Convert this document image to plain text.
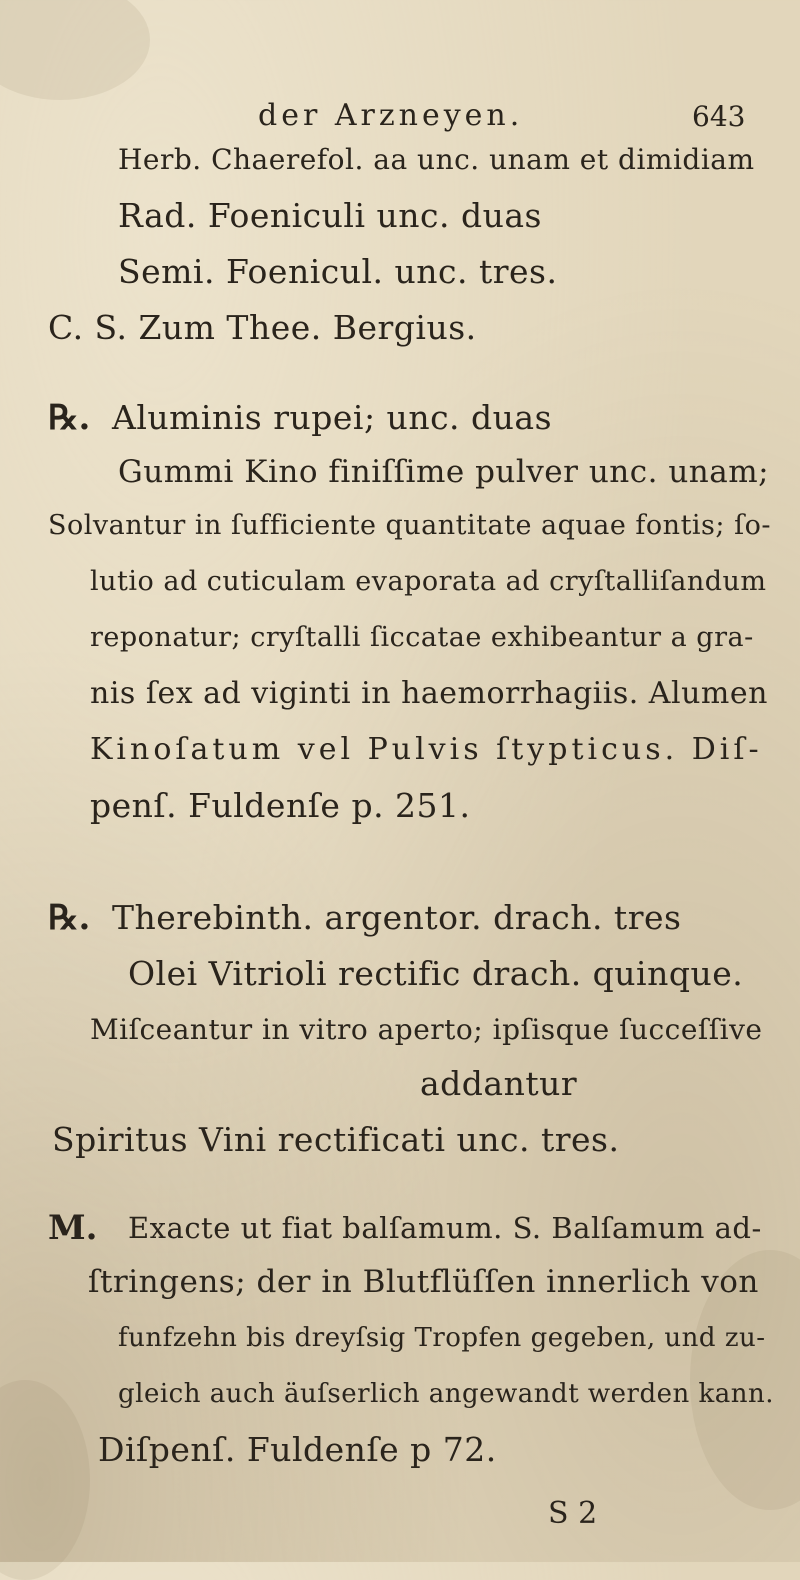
der Arzneyen.	643
Herb. Chaerefol. aa unc. unam et dimidiam
Rad. Foeniculi unc. duas
Semi. Foenicul. unc. tres.
C. S. Zum Thee. Bergius.
℞. Aluminis rupei; unc. duas
Gummi Kino finiſſime pulver unc. unam;
Solvantur in ſufficiente quantitate aquae fontis; ſo-
lutio ad cuticulam evaporata ad cryſtalliſandum
reponatur; cryſtalli ſiccatae exhibeantur a gra-
nis ſex ad viginti in haemorrhagiis. Alumen
Kinoſatum vel Pulvis ſtypticus. Diſ-
penſ. Fuldenſe p. 251.
℞. Therebinth. argentor. drach. tres
Olei Vitrioli rectific drach. quinque.
Miſceantur in vitro aperto; ipſisque ſucceſſive
addantur
Spiritus Vini rectificati unc. tres.
M. Exacte ut fiat balſamum. S. Balſamum ad-
ſtringens; der in Blutflüſſen innerlich von
funfzehn bis dreyſsig Tropfen gegeben, und zu-
gleich auch äuſserlich angewandt werden kann.
Diſpenſ. Fuldenſe p 72.
S 2
